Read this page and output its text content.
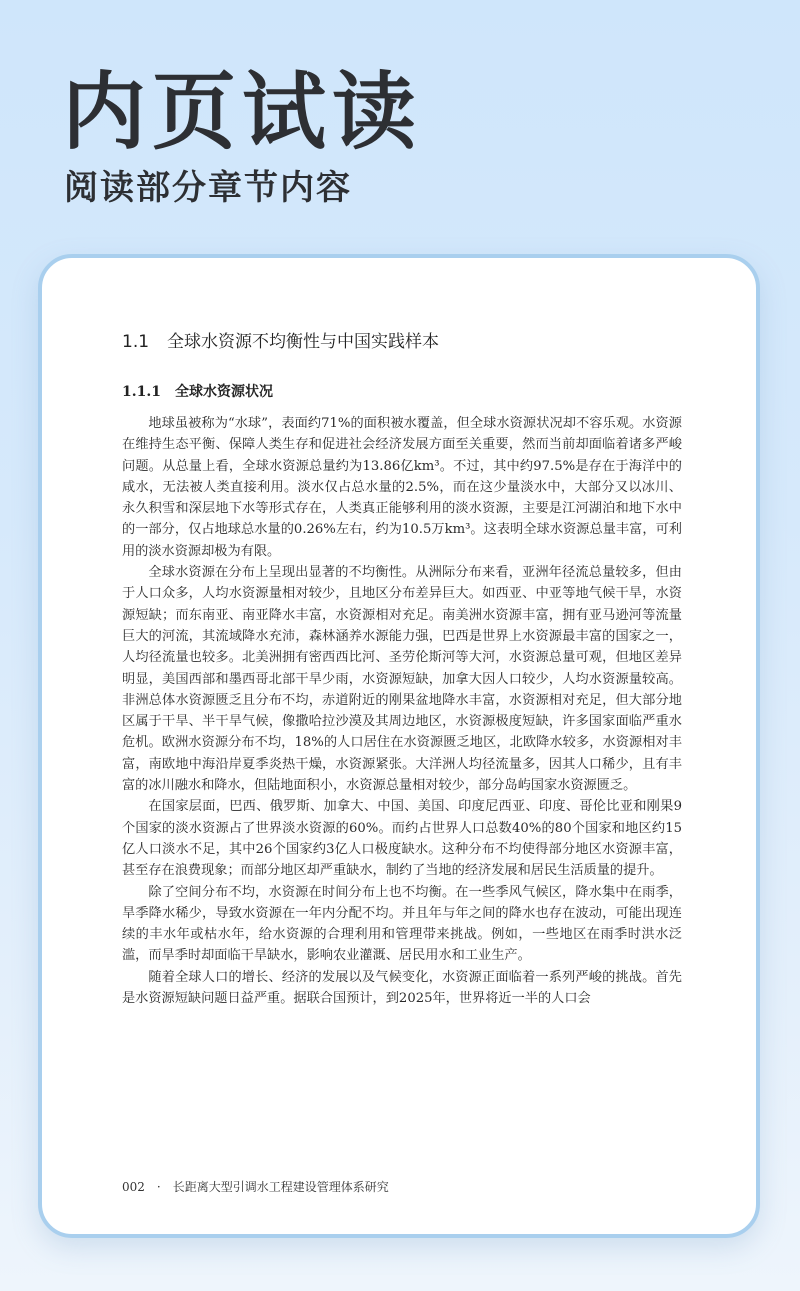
内页试读
阅读部分章节内容
1.1 全球水资源不均衡性与中国实践样本
1.1.1 全球水资源状况

地球虽被称为“水球”，表面约71%的面积被水覆盖，但全球水资源状况却不容乐观。水资源在维持生态平衡、保障人类生存和促进社会经济发展方面至关重要，然而当前却面临着诸多严峻问题。从总量上看，全球水资源总量约为13.86亿km³。不过，其中约97.5%是存在于海洋中的咸水，无法被人类直接利用。淡水仅占总水量的2.5%，而在这少量淡水中，大部分又以冰川、永久积雪和深层地下水等形式存在，人类真正能够利用的淡水资源，主要是江河湖泊和地下水中的一部分，仅占地球总水量的0.26%左右，约为10.5万km³。这表明全球水资源总量丰富，可利用的淡水资源却极为有限。

全球水资源在分布上呈现出显著的不均衡性。从洲际分布来看，亚洲年径流总量较多，但由于人口众多，人均水资源量相对较少，且地区分布差异巨大。如西亚、中亚等地气候干旱，水资源短缺；而东南亚、南亚降水丰富，水资源相对充足。南美洲水资源丰富，拥有亚马逊河等流量巨大的河流，其流域降水充沛，森林涵养水源能力强，巴西是世界上水资源最丰富的国家之一，人均径流量也较多。北美洲拥有密西西比河、圣劳伦斯河等大河，水资源总量可观，但地区差异明显，美国西部和墨西哥北部干旱少雨，水资源短缺，加拿大因人口较少，人均水资源量较高。非洲总体水资源匮乏且分布不均，赤道附近的刚果盆地降水丰富，水资源相对充足，但大部分地区属于干旱、半干旱气候，像撒哈拉沙漠及其周边地区，水资源极度短缺，许多国家面临严重水危机。欧洲水资源分布不均，18%的人口居住在水资源匮乏地区，北欧降水较多，水资源相对丰富，南欧地中海沿岸夏季炎热干燥，水资源紧张。大洋洲人均径流量多，因其人口稀少，且有丰富的冰川融水和降水，但陆地面积小，水资源总量相对较少，部分岛屿国家水资源匮乏。

在国家层面，巴西、俄罗斯、加拿大、中国、美国、印度尼西亚、印度、哥伦比亚和刚果9个国家的淡水资源占了世界淡水资源的60%。而约占世界人口总数40%的80个国家和地区约15亿人口淡水不足，其中26个国家约3亿人口极度缺水。这种分布不均使得部分地区水资源丰富，甚至存在浪费现象；而部分地区却严重缺水，制约了当地的经济发展和居民生活质量的提升。

除了空间分布不均，水资源在时间分布上也不均衡。在一些季风气候区，降水集中在雨季，旱季降水稀少，导致水资源在一年内分配不均。并且年与年之间的降水也存在波动，可能出现连续的丰水年或枯水年，给水资源的合理利用和管理带来挑战。例如，一些地区在雨季时洪水泛滥，而旱季时却面临干旱缺水，影响农业灌溉、居民用水和工业生产。

随着全球人口的增长、经济的发展以及气候变化，水资源正面临着一系列严峻的挑战。首先是水资源短缺问题日益严重。据联合国预计，到2025年，世界将近一半的人口会

002 · 长距离大型引调水工程建设管理体系研究
